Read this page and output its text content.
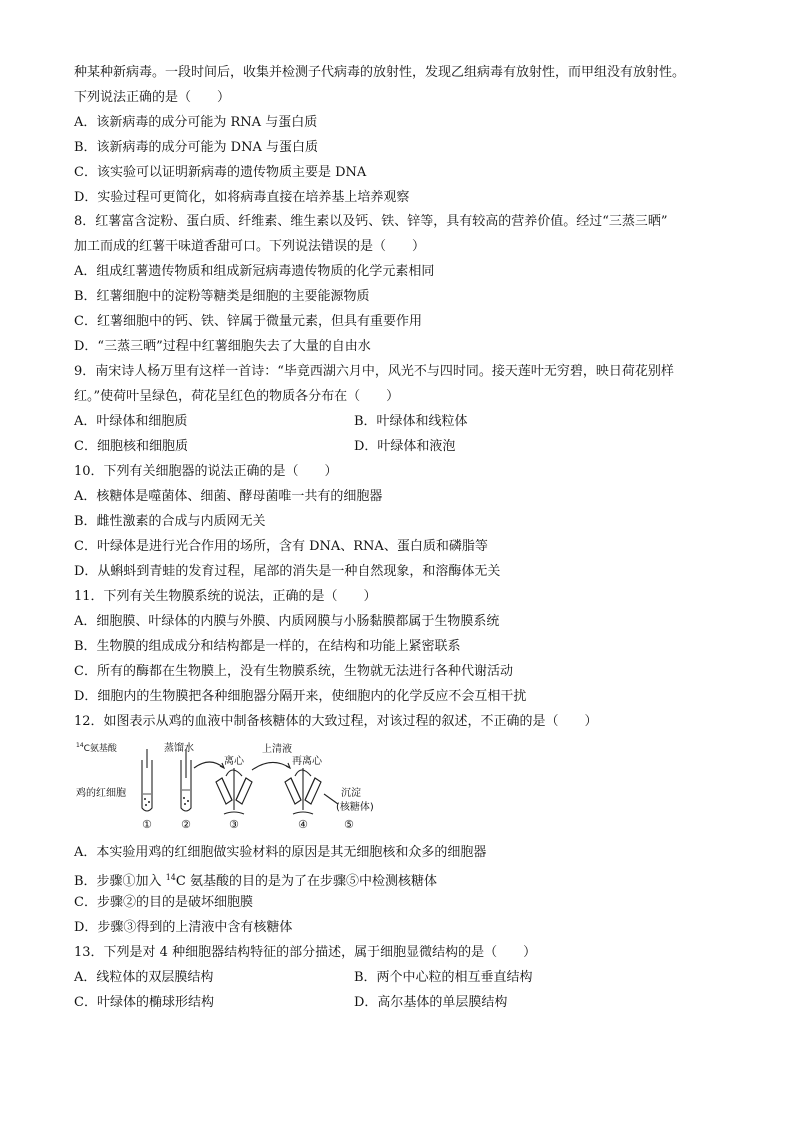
种某种新病毒。一段时间后，收集并检测子代病毒的放射性，发现乙组病毒有放射性，而甲组没有放射性。
下列说法正确的是（　　）
A．该新病毒的成分可能为 RNA 与蛋白质
B．该新病毒的成分可能为 DNA 与蛋白质
C．该实验可以证明新病毒的遗传物质主要是 DNA
D．实验过程可更简化，如将病毒直接在培养基上培养观察
8．红薯富含淀粉、蛋白质、纤维素、维生素以及钙、铁、锌等，具有较高的营养价值。经过“三蒸三晒”
加工而成的红薯干味道香甜可口。下列说法错误的是（　　）
A．组成红薯遗传物质和组成新冠病毒遗传物质的化学元素相同
B．红薯细胞中的淀粉等糖类是细胞的主要能源物质
C．红薯细胞中的钙、铁、锌属于微量元素，但具有重要作用
D．“三蒸三晒”过程中红薯细胞失去了大量的自由水
9．南宋诗人杨万里有这样一首诗：“毕竟西湖六月中，风光不与四时同。接天莲叶无穷碧，映日荷花别样
红。”使荷叶呈绿色，荷花呈红色的物质各分布在（　　）
A．叶绿体和细胞质	B．叶绿体和线粒体
C．细胞核和细胞质	D．叶绿体和液泡
10．下列有关细胞器的说法正确的是（　　）
A．核糖体是噬菌体、细菌、酵母菌唯一共有的细胞器
B．雌性激素的合成与内质网无关
C．叶绿体是进行光合作用的场所，含有 DNA、RNA、蛋白质和磷脂等
D．从蝌蚪到青蛙的发育过程，尾部的消失是一种自然现象，和溶酶体无关
11．下列有关生物膜系统的说法，正确的是（　　）
A．细胞膜、叶绿体的内膜与外膜、内质网膜与小肠黏膜都属于生物膜系统
B．生物膜的组成成分和结构都是一样的，在结构和功能上紧密联系
C．所有的酶都在生物膜上，没有生物膜系统，生物就无法进行各种代谢活动
D．细胞内的生物膜把各种细胞器分隔开来，使细胞内的化学反应不会互相干扰
12．如图表示从鸡的血液中制备核糖体的大致过程，对该过程的叙述，不正确的是（　　）
$^{14}$C氨基酸	蒸馏水
离心
上清液
再离心
沉淀
(核糖体)
鸡的红细胞
①	②	③	④	⑤
A．本实验用鸡的红细胞做实验材料的原因是其无细胞核和众多的细胞器
B．步骤①加入 $^{14}$C 氨基酸的目的是为了在步骤⑤中检测核糖体
C．步骤②的目的是破坏细胞膜
D．步骤③得到的上清液中含有核糖体
13．下列是对 4 种细胞器结构特征的部分描述，属于细胞显微结构的是（　　）
A．线粒体的双层膜结构	B．两个中心粒的相互垂直结构
C．叶绿体的椭球形结构	D．高尔基体的单层膜结构
